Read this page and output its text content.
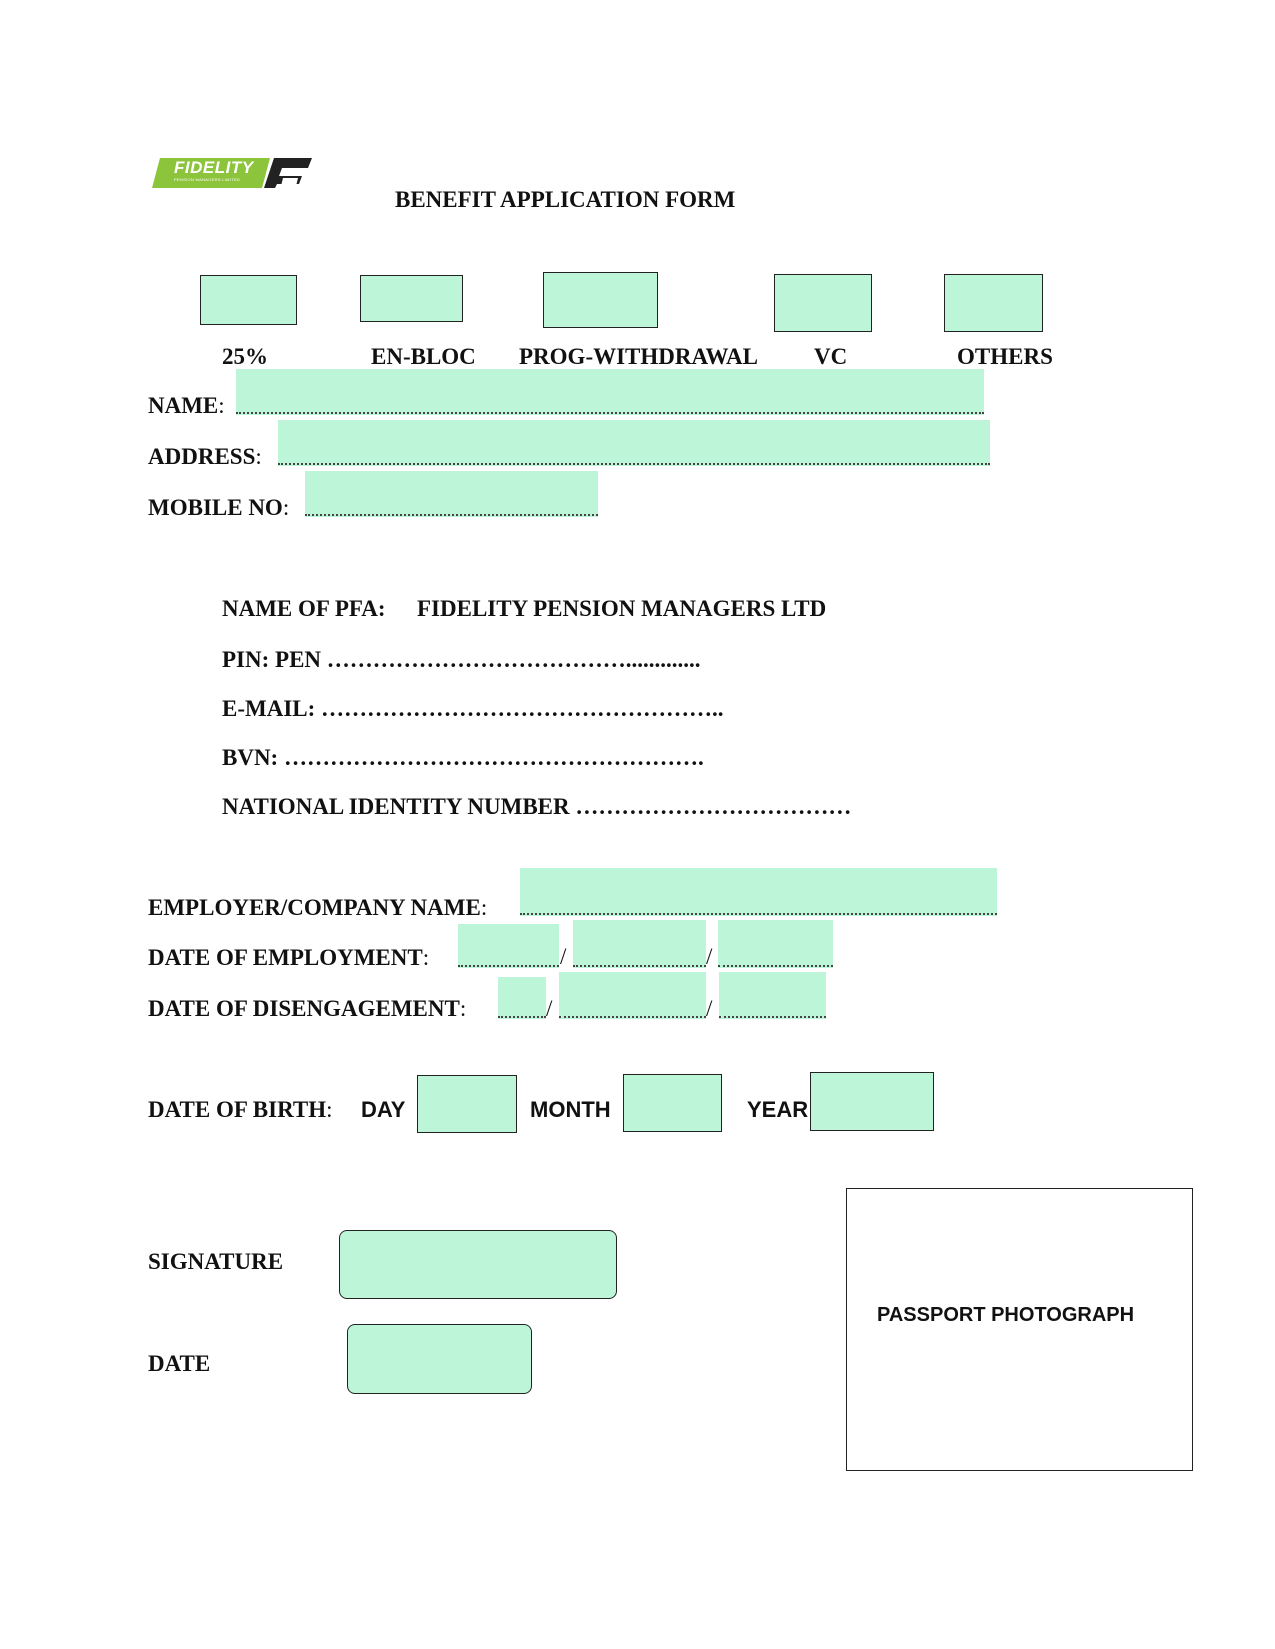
FIDELITY
PENSION MANAGERS LIMITED
BENEFIT APPLICATION FORM
25%	EN-BLOC PROG-WITHDRAWAL VC	OTHERS
NAME:
ADDRESS:
MOBILE NO:
NAME OF PFA: FIDELITY PENSION MANAGERS LTD
PIN: PEN ………………………………….............
E-MAIL: ……………………………………………..
BVN: ……………………………………………….
NATIONAL IDENTITY NUMBER ………………………………
EMPLOYER/COMPANY NAME:
DATE OF EMPLOYMENT:	/	/
DATE OF DISENGAGEMENT:	/	/
DATE OF BIRTH: DAY	MONTH	YEAR
SIGNATURE
DATE
PASSPORT PHOTOGRAPH
